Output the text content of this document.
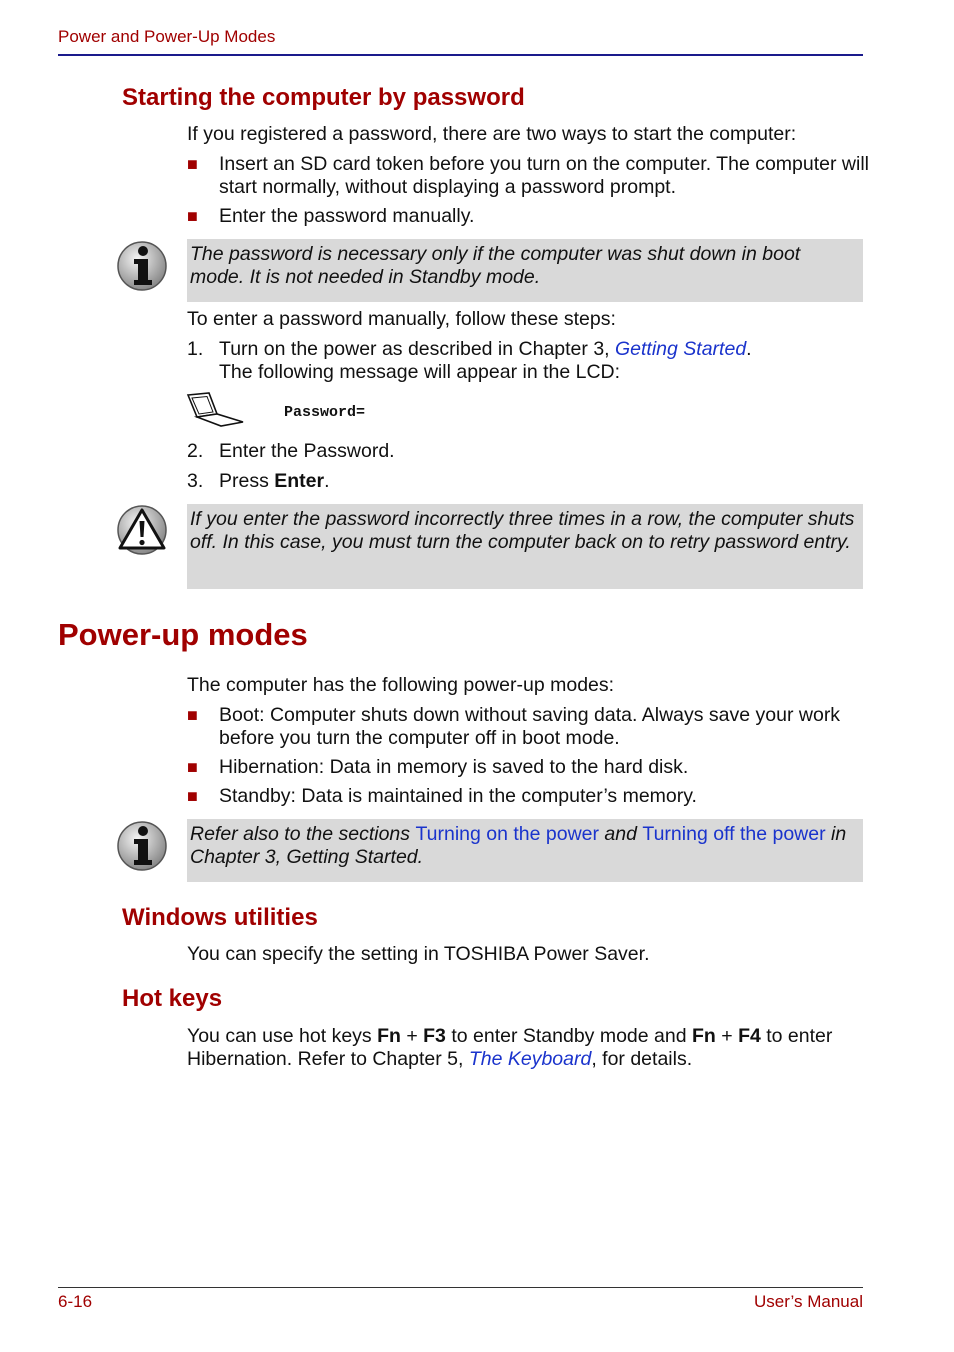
Power and Power-Up Modes
Starting the computer by password
If you registered a password, there are two ways to start the computer:
■ Insert an SD card token before you turn on the computer. The computer will start normally, without displaying a password prompt.
■ Enter the password manually.
The password is necessary only if the computer was shut down in boot mode. It is not needed in Standby mode.
To enter a password manually, follow these steps:
1. Turn on the power as described in Chapter 3, Getting Started.
The following message will appear in the LCD:
Password=
2. Enter the Password.
3. Press Enter.
If you enter the password incorrectly three times in a row, the computer shuts off. In this case, you must turn the computer back on to retry password entry.
Power-up modes
The computer has the following power-up modes:
■ Boot: Computer shuts down without saving data. Always save your work before you turn the computer off in boot mode.
■ Hibernation: Data in memory is saved to the hard disk.
■ Standby: Data is maintained in the computer’s memory.
Refer also to the sections Turning on the power and Turning off the power in Chapter 3, Getting Started.
Windows utilities
You can specify the setting in TOSHIBA Power Saver.
Hot keys
You can use hot keys Fn + F3 to enter Standby mode and Fn + F4 to enter Hibernation. Refer to Chapter 5, The Keyboard, for details.
6-16	User’s Manual
